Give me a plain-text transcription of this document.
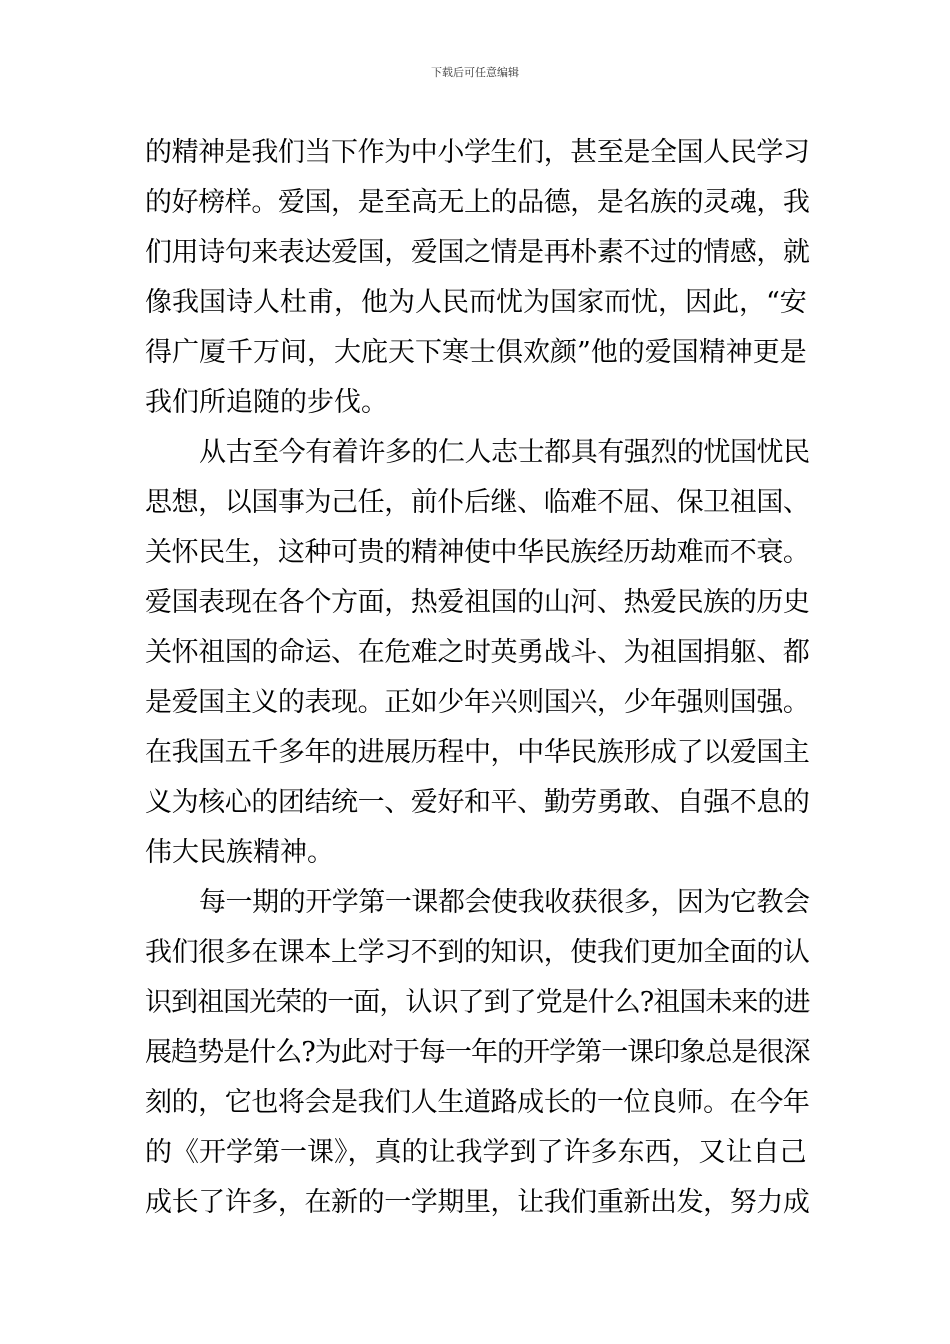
下载后可任意编辑
的精神是我们当下作为中小学生们，甚至是全国人民学习
的好榜样。爱国，是至高无上的品德，是名族的灵魂，我
们用诗句来表达爱国，爱国之情是再朴素不过的情感，就
像我国诗人杜甫，他为人民而忧为国家而忧，因此，“安
得广厦千万间，大庇天下寒士俱欢颜”他的爱国精神更是
我们所追随的步伐。
从古至今有着许多的仁人志士都具有强烈的忧国忧民
思想，以国事为己任，前仆后继、临难不屈、保卫祖国、
关怀民生，这种可贵的精神使中华民族经历劫难而不衰。
爱国表现在各个方面，热爱祖国的山河、热爱民族的历史
关怀祖国的命运、在危难之时英勇战斗、为祖国捐躯、都
是爱国主义的表现。正如少年兴则国兴，少年强则国强。
在我国五千多年的进展历程中，中华民族形成了以爱国主
义为核心的团结统一、爱好和平、勤劳勇敢、自强不息的
伟大民族精神。
每一期的开学第一课都会使我收获很多，因为它教会
我们很多在课本上学习不到的知识，使我们更加全面的认
识到祖国光荣的一面，认识了到了党是什么?祖国未来的进
展趋势是什么?为此对于每一年的开学第一课印象总是很深
刻的，它也将会是我们人生道路成长的一位良师。在今年
的《开学第一课》，真的让我学到了许多东西，又让自己
成长了许多，在新的一学期里，让我们重新出发，努力成
